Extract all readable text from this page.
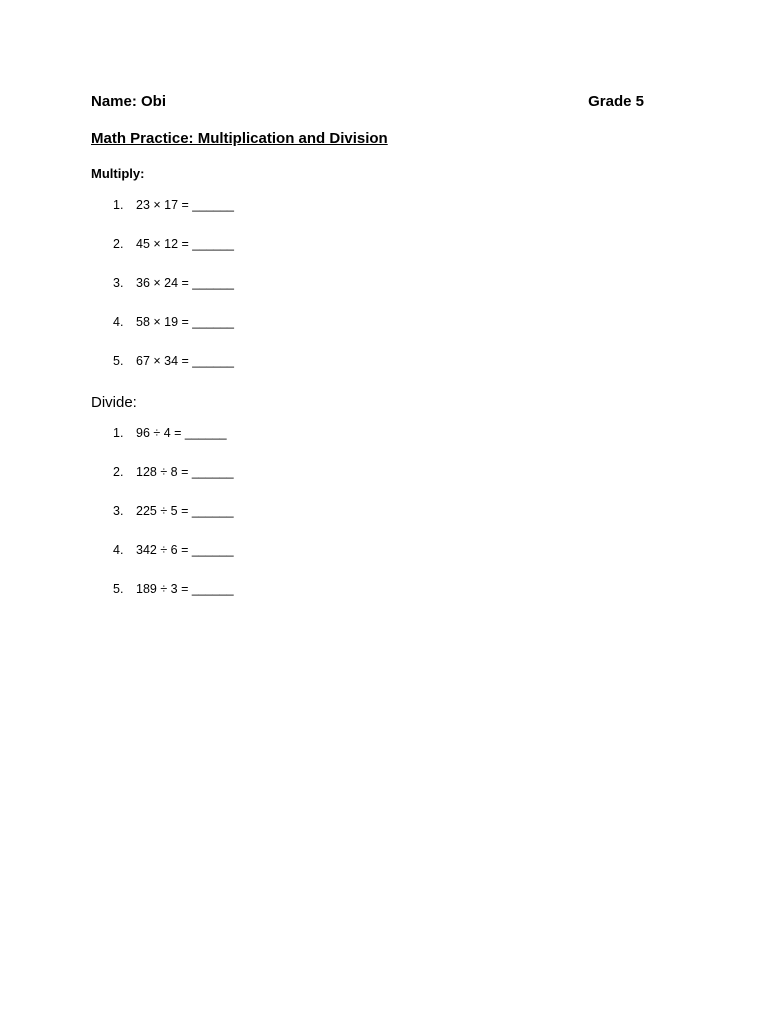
Name: Obi	Grade 5
Math Practice: Multiplication and Division
Multiply:
1. 23 × 17 = ______
2. 45 × 12 = ______
3. 36 × 24 = ______
4. 58 × 19 = ______
5. 67 × 34 = ______
Divide:
1. 96 ÷ 4 = ______
2. 128 ÷ 8 = ______
3. 225 ÷ 5 = ______
4. 342 ÷ 6 = ______
5. 189 ÷ 3 = ______
